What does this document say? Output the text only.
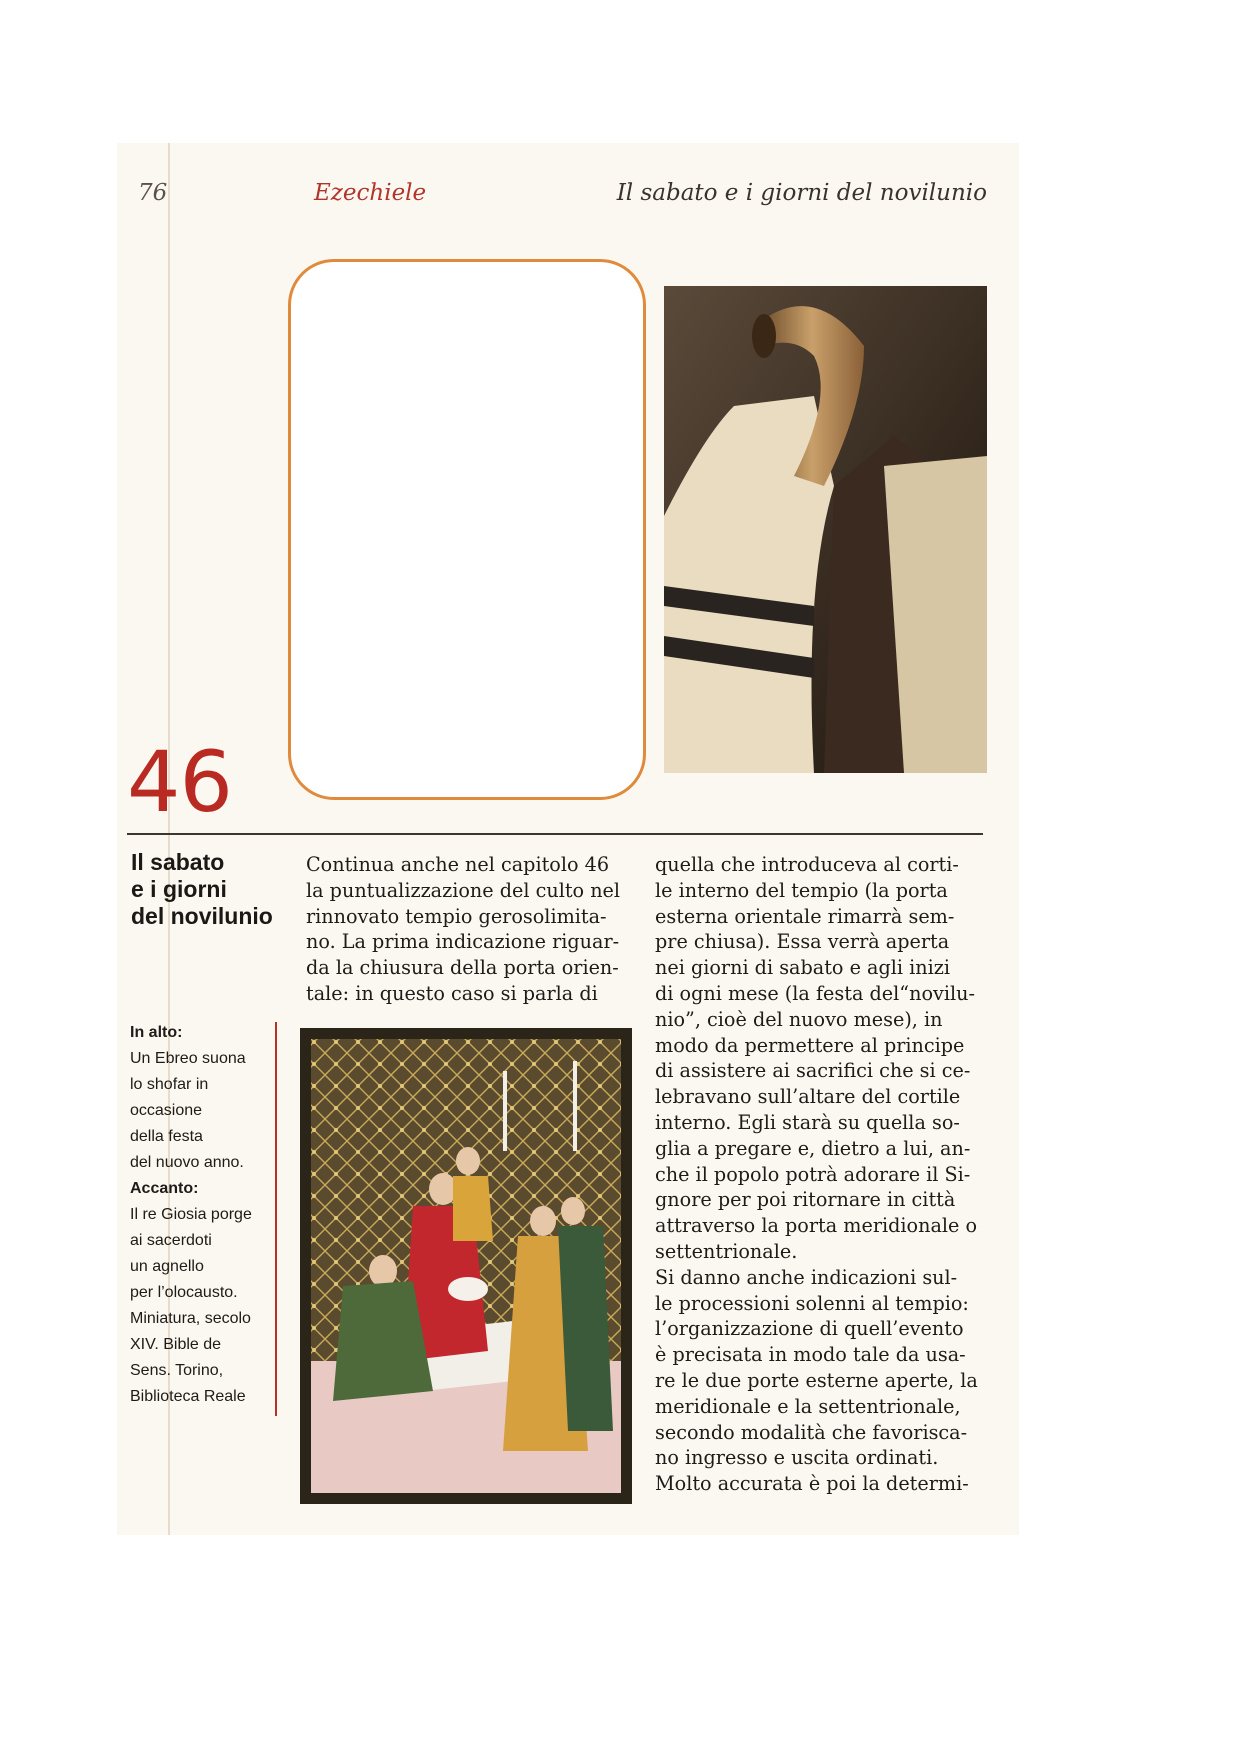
76	Ezechiele	Il sabato e i giorni del novilunio
46
Il sabato
e i giorni
del novilunio
In alto:
Un Ebreo suona
lo shofar in
occasione
della festa
del nuovo anno.
Accanto:
Il re Giosia porge
ai sacerdoti
un agnello
per l’olocausto.
Miniatura, secolo
XIV. Bible de
Sens. Torino,
Biblioteca Reale
Continua anche nel capitolo 46
la puntualizzazione del culto nel
rinnovato tempio gerosolimita-
no. La prima indicazione riguar-
da la chiusura della porta orien-
tale: in questo caso si parla di
quella che introduceva al corti-
le interno del tempio (la porta
esterna orientale rimarrà sem-
pre chiusa). Essa verrà aperta
nei giorni di sabato e agli inizi
di ogni mese (la festa del“novilu-
nio”, cioè del nuovo mese), in
modo da permettere al principe
di assistere ai sacrifici che si ce-
lebravano sull’altare del cortile
interno. Egli starà su quella so-
glia a pregare e, dietro a lui, an-
che il popolo potrà adorare il Si-
gnore per poi ritornare in città
attraverso la porta meridionale o
settentrionale.
Si danno anche indicazioni sul-
le processioni solenni al tempio:
l’organizzazione di quell’evento
è precisata in modo tale da usa-
re le due porte esterne aperte, la
meridionale e la settentrionale,
secondo modalità che favorisca-
no ingresso e uscita ordinati.
Molto accurata è poi la determi-
